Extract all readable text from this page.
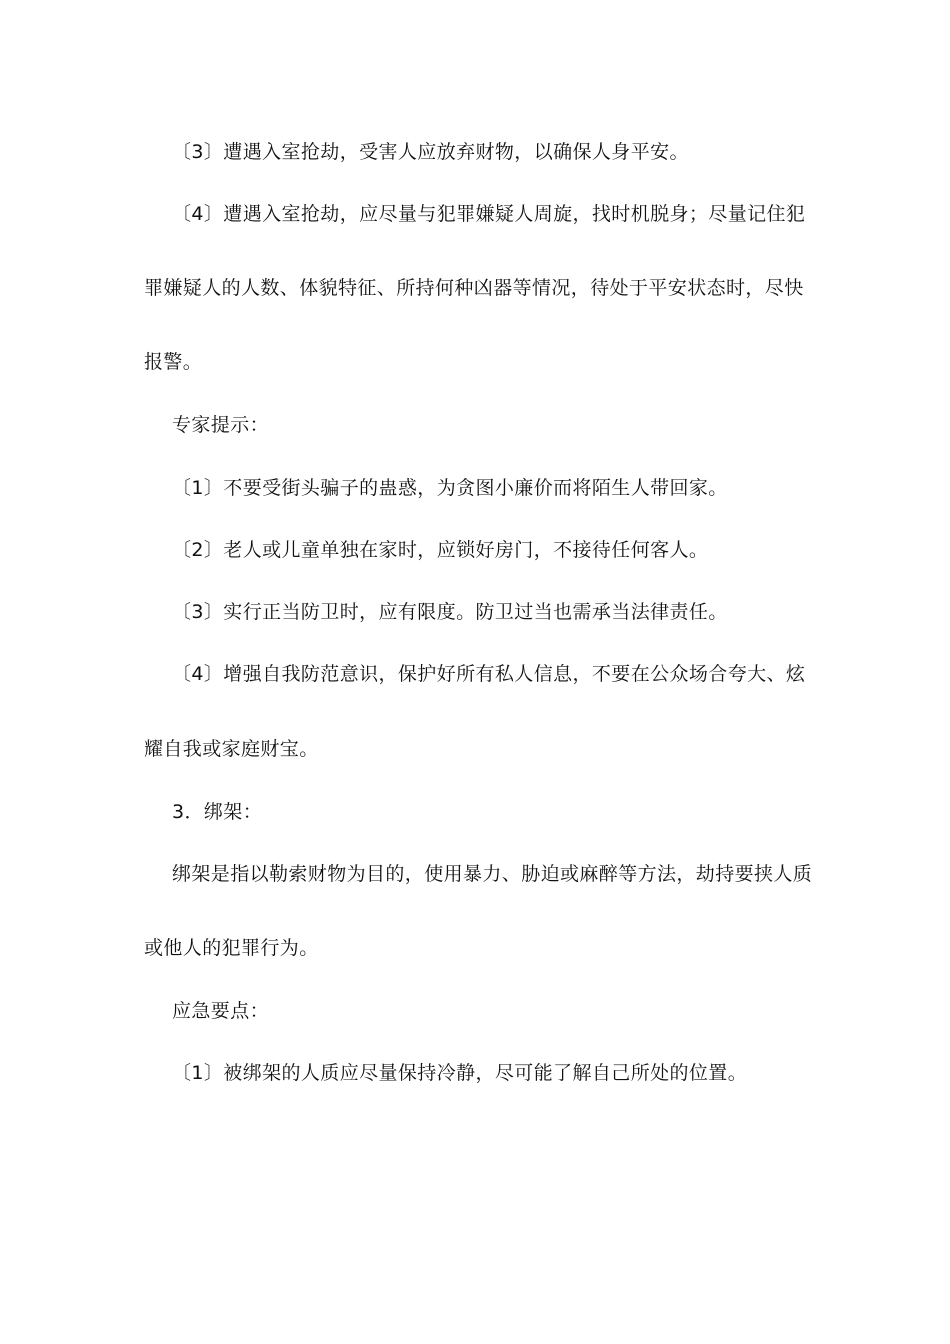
〔3〕遭遇入室抢劫，受害人应放弃财物，以确保人身平安。
〔4〕遭遇入室抢劫，应尽量与犯罪嫌疑人周旋，找时机脱身；尽量记住犯
罪嫌疑人的人数、体貌特征、所持何种凶器等情况，待处于平安状态时，尽快
报警。
专家提示：
〔1〕不要受街头骗子的蛊惑，为贪图小廉价而将陌生人带回家。
〔2〕老人或儿童单独在家时，应锁好房门，不接待任何客人。
〔3〕实行正当防卫时，应有限度。防卫过当也需承当法律责任。
〔4〕增强自我防范意识，保护好所有私人信息，不要在公众场合夸大、炫
耀自我或家庭财宝。
3．绑架：
绑架是指以勒索财物为目的，使用暴力、胁迫或麻醉等方法，劫持要挟人质
或他人的犯罪行为。
应急要点：
〔1〕被绑架的人质应尽量保持冷静，尽可能了解自己所处的位置。
